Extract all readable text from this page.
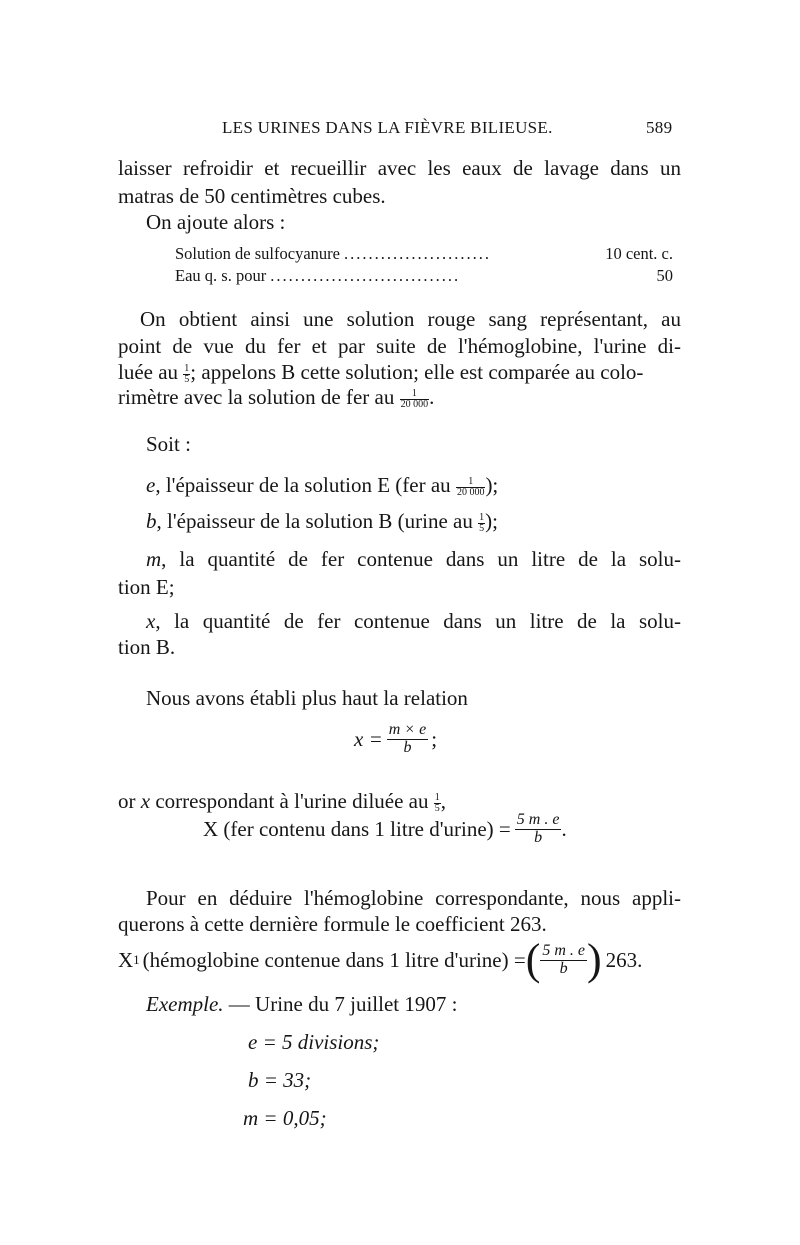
LES URINES DANS LA FIÈVRE BILIEUSE.	589
laisser refroidir et recueillir avec les eaux de lavage dans un
matras de 50 centimètres cubes.
On ajoute alors :
Solution de sulfocyanure ........................	10 cent. c.
Eau q. s. pour ...............................	50
On obtient ainsi une solution rouge sang représentant, au
point de vue du fer et par suite de l'hémoglobine, l'urine di-
luée au $\frac{1}{5}$ ; appelons B cette solution; elle est comparée au colo-
rimètre avec la solution de fer au $\frac{1}{20 000}$ .
Soit :
e, l'épaisseur de la solution E (fer au $\frac{1}{20 000}$ );
b, l'épaisseur de la solution B (urine au $\frac{1}{5}$ );
m, la quantité de fer contenue dans un litre de la solu-
tion E;
x, la quantité de fer contenue dans un litre de la solu-
tion B.
Nous avons établi plus haut la relation
$x = \frac{m \times e}{b}$ ;
or x correspondant à l'urine diluée au $\frac{1}{5}$ ,
X (fer contenu dans 1 litre d'urine) = $\frac{5 m . e}{b}$ .
Pour en déduire l'hémoglobine correspondante, nous appli-
querons à cette dernière formule le coefficient 263.
X 1 (hémoglobine contenue dans 1 litre d'urine) = ( $\frac{5 m . e}{b}$ ) 263.
Exemple. — Urine du 7 juillet 1907 :
e = 5 divisions;
b = 33;
m = 0,05;
